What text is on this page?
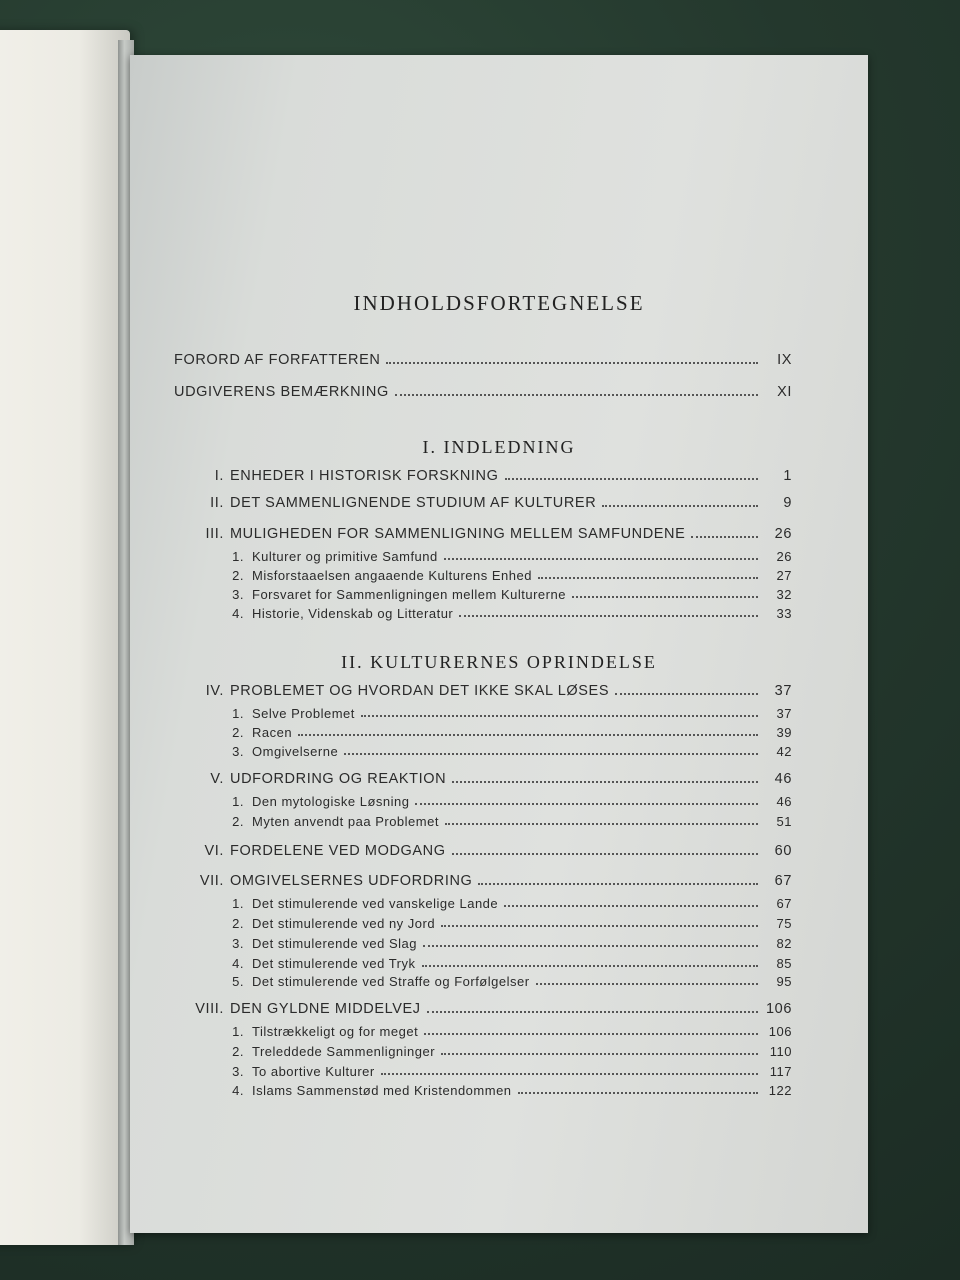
INDHOLDSFORTEGNELSE
FORORD AF FORFATTEREN	IX
UDGIVERENS BEMÆRKNING	XI
I. INDLEDNING
I. ENHEDER I HISTORISK FORSKNING	1
II. DET SAMMENLIGNENDE STUDIUM AF KULTURER	9
III. MULIGHEDEN FOR SAMMENLIGNING MELLEM SAMFUNDENE	26
1. Kulturer og primitive Samfund	26
2. Misforstaaelsen angaaende Kulturens Enhed	27
3. Forsvaret for Sammenligningen mellem Kulturerne	32
4. Historie, Videnskab og Litteratur	33
II. KULTURERNES OPRINDELSE
IV. PROBLEMET OG HVORDAN DET IKKE SKAL LØSES	37
1. Selve Problemet	37
2. Racen	39
3. Omgivelserne	42
V. UDFORDRING OG REAKTION	46
1. Den mytologiske Løsning	46
2. Myten anvendt paa Problemet	51
VI. FORDELENE VED MODGANG	60
VII. OMGIVELSERNES UDFORDRING	67
1. Det stimulerende ved vanskelige Lande	67
2. Det stimulerende ved ny Jord	75
3. Det stimulerende ved Slag	82
4. Det stimulerende ved Tryk	85
5. Det stimulerende ved Straffe og Forfølgelser	95
VIII. DEN GYLDNE MIDDELVEJ	106
1. Tilstrækkeligt og for meget	106
2. Treleddede Sammenligninger	110
3. To abortive Kulturer	117
4. Islams Sammenstød med Kristendommen	122
